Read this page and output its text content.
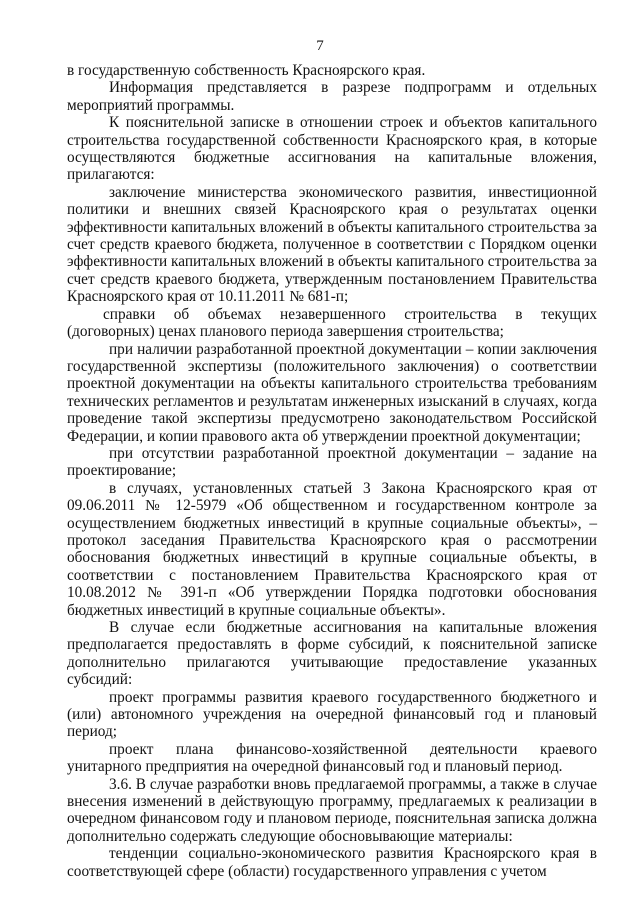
7

в государственную собственность Красноярского края.

Информация представляется в разрезе подпрограмм и отдельных мероприятий программы.

К пояснительной записке в отношении строек и объектов капитального строительства государственной собственности Красноярского края, в которые осуществляются бюджетные ассигнования на капитальные вложения, прилагаются:

заключение министерства экономического развития, инвестиционной политики и внешних связей Красноярского края о результатах оценки эффективности капитальных вложений в объекты капитального строительства за счет средств краевого бюджета, полученное в соответствии с Порядком оценки эффективности капитальных вложений в объекты капитального строительства за счет средств краевого бюджета, утвержденным постановлением Правительства Красноярского края от 10.11.2011 № 681-п;

справки об объемах незавершенного строительства в текущих (договорных) ценах планового периода завершения строительства;

при наличии разработанной проектной документации – копии заключения государственной экспертизы (положительного заключения) о соответствии проектной документации на объекты капитального строительства требованиям технических регламентов и результатам инженерных изысканий в случаях, когда проведение такой экспертизы предусмотрено законодательством Российской Федерации, и копии правового акта об утверждении проектной документации;

при отсутствии разработанной проектной документации – задание на проектирование;

в случаях, установленных статьей 3 Закона Красноярского края от 09.06.2011 № 12-5979 «Об общественном и государственном контроле за осуществлением бюджетных инвестиций в крупные социальные объекты», – протокол заседания Правительства Красноярского края о рассмотрении обоснования бюджетных инвестиций в крупные социальные объекты, в соответствии с постановлением Правительства Красноярского края от 10.08.2012 № 391-п «Об утверждении Порядка подготовки обоснования бюджетных инвестиций в крупные социальные объекты».

В случае если бюджетные ассигнования на капитальные вложения предполагается предоставлять в форме субсидий, к пояснительной записке дополнительно прилагаются учитывающие предоставление указанных субсидий:

проект программы развития краевого государственного бюджетного и (или) автономного учреждения на очередной финансовый год и плановый период;

проект плана финансово-хозяйственной деятельности краевого унитарного предприятия на очередной финансовый год и плановый период.

3.6. В случае разработки вновь предлагаемой программы, а также в случае внесения изменений в действующую программу, предлагаемых к реализации в очередном финансовом году и плановом периоде, пояснительная записка должна дополнительно содержать следующие обосновывающие материалы:

тенденции социально-экономического развития Красноярского края в соответствующей сфере (области) государственного управления с учетом
